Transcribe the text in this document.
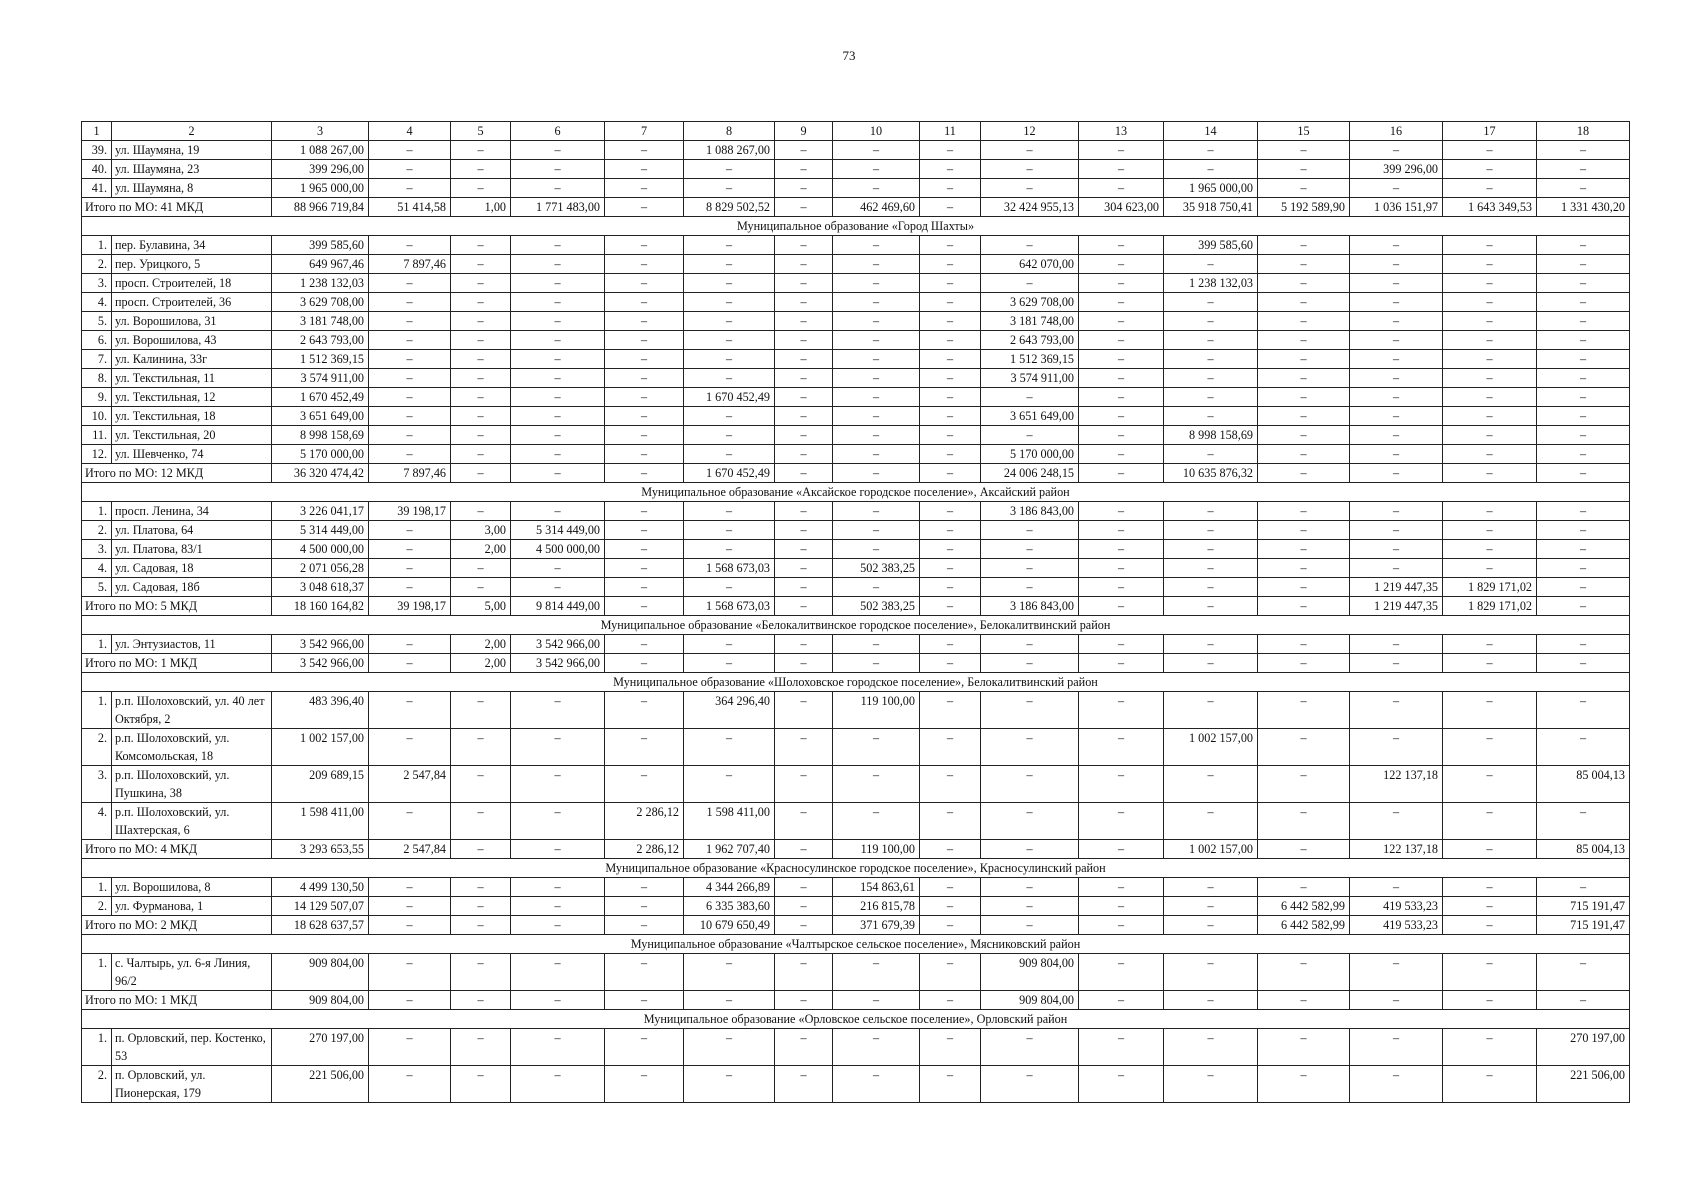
73
1	2	3	4	5	6	7	8	9	10	11	12	13	14	15	16	17	18
39.	ул. Шаумяна, 19	1 088 267,00	–	–	–	–	1 088 267,00	–	–	–	–	–	–	–	–	–	–
40.	ул. Шаумяна, 23	399 296,00	–	–	–	–	–	–	–	–	–	–	–	–	399 296,00	–	–
41.	ул. Шаумяна, 8	1 965 000,00	–	–	–	–	–	–	–	–	–	–	1 965 000,00	–	–	–	–
Итого по МО: 41 МКД		88 966 719,84	51 414,58	1,00	1 771 483,00	–	8 829 502,52	–	462 469,60	–	32 424 955,13	304 623,00	35 918 750,41	5 192 589,90	1 036 151,97	1 643 349,53	1 331 430,20
Муниципальное образование «Город Шахты»																	
1.	пер. Булавина, 34	399 585,60	–	–	–	–	–	–	–	–	–	–	399 585,60	–	–	–	–
2.	пер. Урицкого, 5	649 967,46	7 897,46	–	–	–	–	–	–	–	642 070,00	–	–	–	–	–	–
3.	просп. Строителей, 18	1 238 132,03	–	–	–	–	–	–	–	–	–	–	1 238 132,03	–	–	–	–
4.	просп. Строителей, 36	3 629 708,00	–	–	–	–	–	–	–	–	3 629 708,00	–	–	–	–	–	–
5.	ул. Ворошилова, 31	3 181 748,00	–	–	–	–	–	–	–	–	3 181 748,00	–	–	–	–	–	–
6.	ул. Ворошилова, 43	2 643 793,00	–	–	–	–	–	–	–	–	2 643 793,00	–	–	–	–	–	–
7.	ул. Калинина, 33г	1 512 369,15	–	–	–	–	–	–	–	–	1 512 369,15	–	–	–	–	–	–
8.	ул. Текстильная, 11	3 574 911,00	–	–	–	–	–	–	–	–	3 574 911,00	–	–	–	–	–	–
9.	ул. Текстильная, 12	1 670 452,49	–	–	–	–	1 670 452,49	–	–	–	–	–	–	–	–	–	–
10.	ул. Текстильная, 18	3 651 649,00	–	–	–	–	–	–	–	–	3 651 649,00	–	–	–	–	–	–
11.	ул. Текстильная, 20	8 998 158,69	–	–	–	–	–	–	–	–	–	–	8 998 158,69	–	–	–	–
12.	ул. Шевченко, 74	5 170 000,00	–	–	–	–	–	–	–	–	5 170 000,00	–	–	–	–	–	–
Итого по МО: 12 МКД		36 320 474,42	7 897,46	–	–	–	1 670 452,49	–	–	–	24 006 248,15	–	10 635 876,32	–	–	–	–
Муниципальное образование «Аксайское городское поселение», Аксайский район																	
1.	просп. Ленина, 34	3 226 041,17	39 198,17	–	–	–	–	–	–	–	3 186 843,00	–	–	–	–	–	–
2.	ул. Платова, 64	5 314 449,00	–	3,00	5 314 449,00	–	–	–	–	–	–	–	–	–	–	–	–
3.	ул. Платова, 83/1	4 500 000,00	–	2,00	4 500 000,00	–	–	–	–	–	–	–	–	–	–	–	–
4.	ул. Садовая, 18	2 071 056,28	–	–	–	–	1 568 673,03	–	502 383,25	–	–	–	–	–	–	–	–
5.	ул. Садовая, 18б	3 048 618,37	–	–	–	–	–	–	–	–	–	–	–	–	1 219 447,35	1 829 171,02	–
Итого по МО: 5 МКД		18 160 164,82	39 198,17	5,00	9 814 449,00	–	1 568 673,03	–	502 383,25	–	3 186 843,00	–	–	–	1 219 447,35	1 829 171,02	–
Муниципальное образование «Белокалитвинское городское поселение», Белокалитвинский район																	
1.	ул. Энтузиастов, 11	3 542 966,00	–	2,00	3 542 966,00	–	–	–	–	–	–	–	–	–	–	–	–
Итого по МО: 1 МКД		3 542 966,00	–	2,00	3 542 966,00	–	–	–	–	–	–	–	–	–	–	–	–
Муниципальное образование «Шолоховское городское поселение», Белокалитвинский район																	
1.	р.п. Шолоховский, ул. 40 лет Октября, 2	483 396,40	–	–	–	–	364 296,40	–	119 100,00	–	–	–	–	–	–	–	–
2.	р.п. Шолоховский, ул. Комсомольская, 18	1 002 157,00	–	–	–	–	–	–	–	–	–	–	1 002 157,00	–	–	–	–
3.	р.п. Шолоховский, ул. Пушкина, 38	209 689,15	2 547,84	–	–	–	–	–	–	–	–	–	–	–	122 137,18	–	85 004,13
4.	р.п. Шолоховский, ул. Шахтерская, 6	1 598 411,00	–	–	–	2 286,12	1 598 411,00	–	–	–	–	–	–	–	–	–	–
Итого по МО: 4 МКД		3 293 653,55	2 547,84	–	–	2 286,12	1 962 707,40	–	119 100,00	–	–	–	1 002 157,00	–	122 137,18	–	85 004,13
Муниципальное образование «Красносулинское городское поселение», Красносулинский район																	
1.	ул. Ворошилова, 8	4 499 130,50	–	–	–	–	4 344 266,89	–	154 863,61	–	–	–	–	–	–	–	–
2.	ул. Фурманова, 1	14 129 507,07	–	–	–	–	6 335 383,60	–	216 815,78	–	–	–	–	6 442 582,99	419 533,23	–	715 191,47
Итого по МО: 2 МКД		18 628 637,57	–	–	–	–	10 679 650,49	–	371 679,39	–	–	–	–	6 442 582,99	419 533,23	–	715 191,47
Муниципальное образование «Чалтырское сельское поселение», Мясниковский район																	
1.	с. Чалтырь, ул. 6-я Линия, 96/2	909 804,00	–	–	–	–	–	–	–	–	909 804,00	–	–	–	–	–	–
Итого по МО: 1 МКД		909 804,00	–	–	–	–	–	–	–	–	909 804,00	–	–	–	–	–	–
Муниципальное образование «Орловское сельское поселение», Орловский район																	
1.	п. Орловский, пер. Костенко, 53	270 197,00	–	–	–	–	–	–	–	–	–	–	–	–	–	–	270 197,00
2.	п. Орловский, ул. Пионерская, 179	221 506,00	–	–	–	–	–	–	–	–	–	–	–	–	–	–	221 506,00
